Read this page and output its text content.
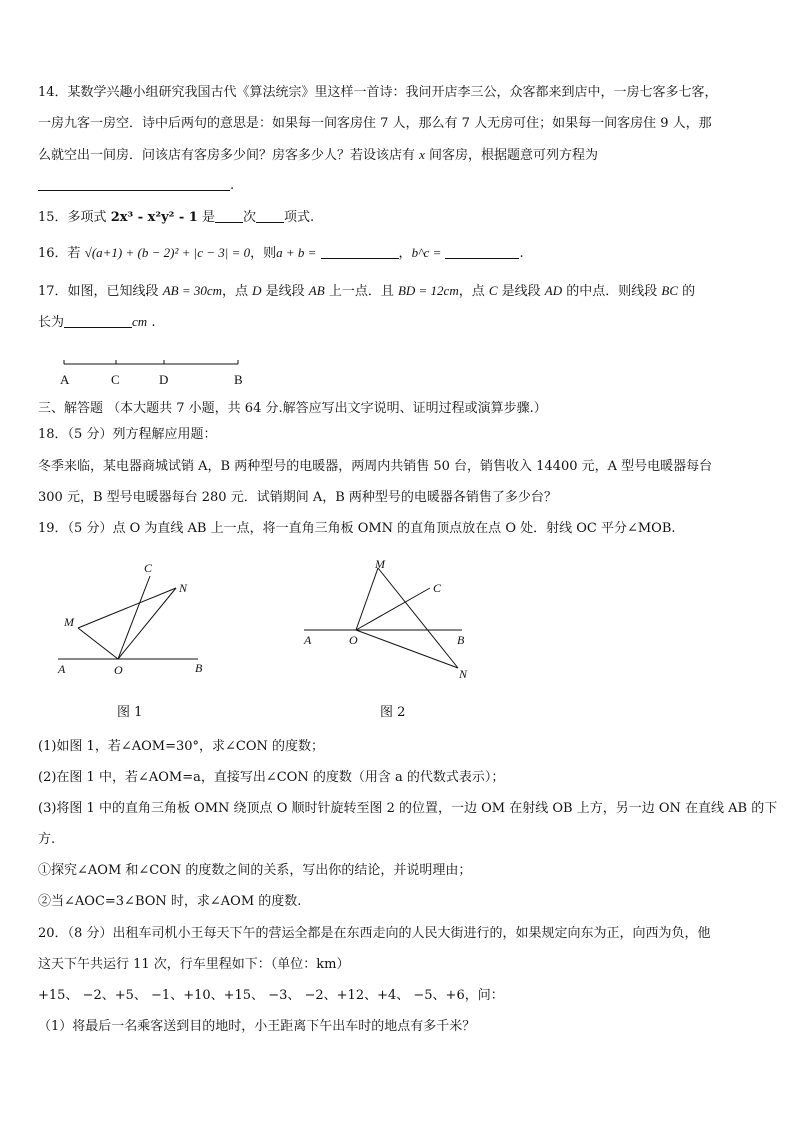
14．某数学兴趣小组研究我国古代《算法统宗》里这样一首诗：我问开店李三公，众客都来到店中，一房七客多七客，
一房九客一房空．诗中后两句的意思是：如果每一间客房住 7 人，那么有 7 人无房可住；如果每一间客房住 9 人，那
么就空出一间房．问该店有客房多少间？房客多少人？若设该店有 x 间客房，根据题意可列方程为
.
15．多项式 2x³ - x²y² - 1 是 次 项式.
16．若 √(a+1) + (b − 2)² + |c − 3| = 0，则a + b =	，b^c =	.
17．如图，已知线段 AB = 30cm，点 D 是线段 AB 上一点．且 BD = 12cm，点 C 是线段 AD 的中点．则线段 BC 的
长为	cm .
A	C	D	B
三、解答题 （本大题共 7 小题，共 64 分.解答应写出文字说明、证明过程或演算步骤.）
18．（5 分）列方程解应用题：
冬季来临，某电器商城试销 A，B 两种型号的电暖器，两周内共销售 50 台，销售收入 14400 元，A 型号电暖器每台
300 元，B 型号电暖器每台 280 元．试销期间 A，B 两种型号的电暖器各销售了多少台？
19．（5 分）点 O 为直线 AB 上一点，将一直角三角板 OMN 的直角顶点放在点 O 处．射线 OC 平分∠MOB.
C
N
M
A	O	B
图 1
M
C
A	O	B
N
图 2
(1)如图 1，若∠AOM=30°，求∠CON 的度数；
(2)在图 1 中，若∠AOM=a，直接写出∠CON 的度数（用含 a 的代数式表示）；
(3)将图 1 中的直角三角板 OMN 绕顶点 O 顺时针旋转至图 2 的位置，一边 OM 在射线 OB 上方，另一边 ON 在直线 AB 的下
方.
①探究∠AOM 和∠CON 的度数之间的关系，写出你的结论，并说明理由；
②当∠AOC=3∠BON 时，求∠AOM 的度数.
20．（8 分）出租车司机小王每天下午的营运全都是在东西走向的人民大街进行的，如果规定向东为正，向西为负，他
这天下午共运行 11 次，行车里程如下：（单位：km）
+15、 −2、+5、 −1、+10、+15、 −3、 −2、+12、+4、 −5、+6，问：
（1）将最后一名乘客送到目的地时，小王距离下午出车时的地点有多千米？
